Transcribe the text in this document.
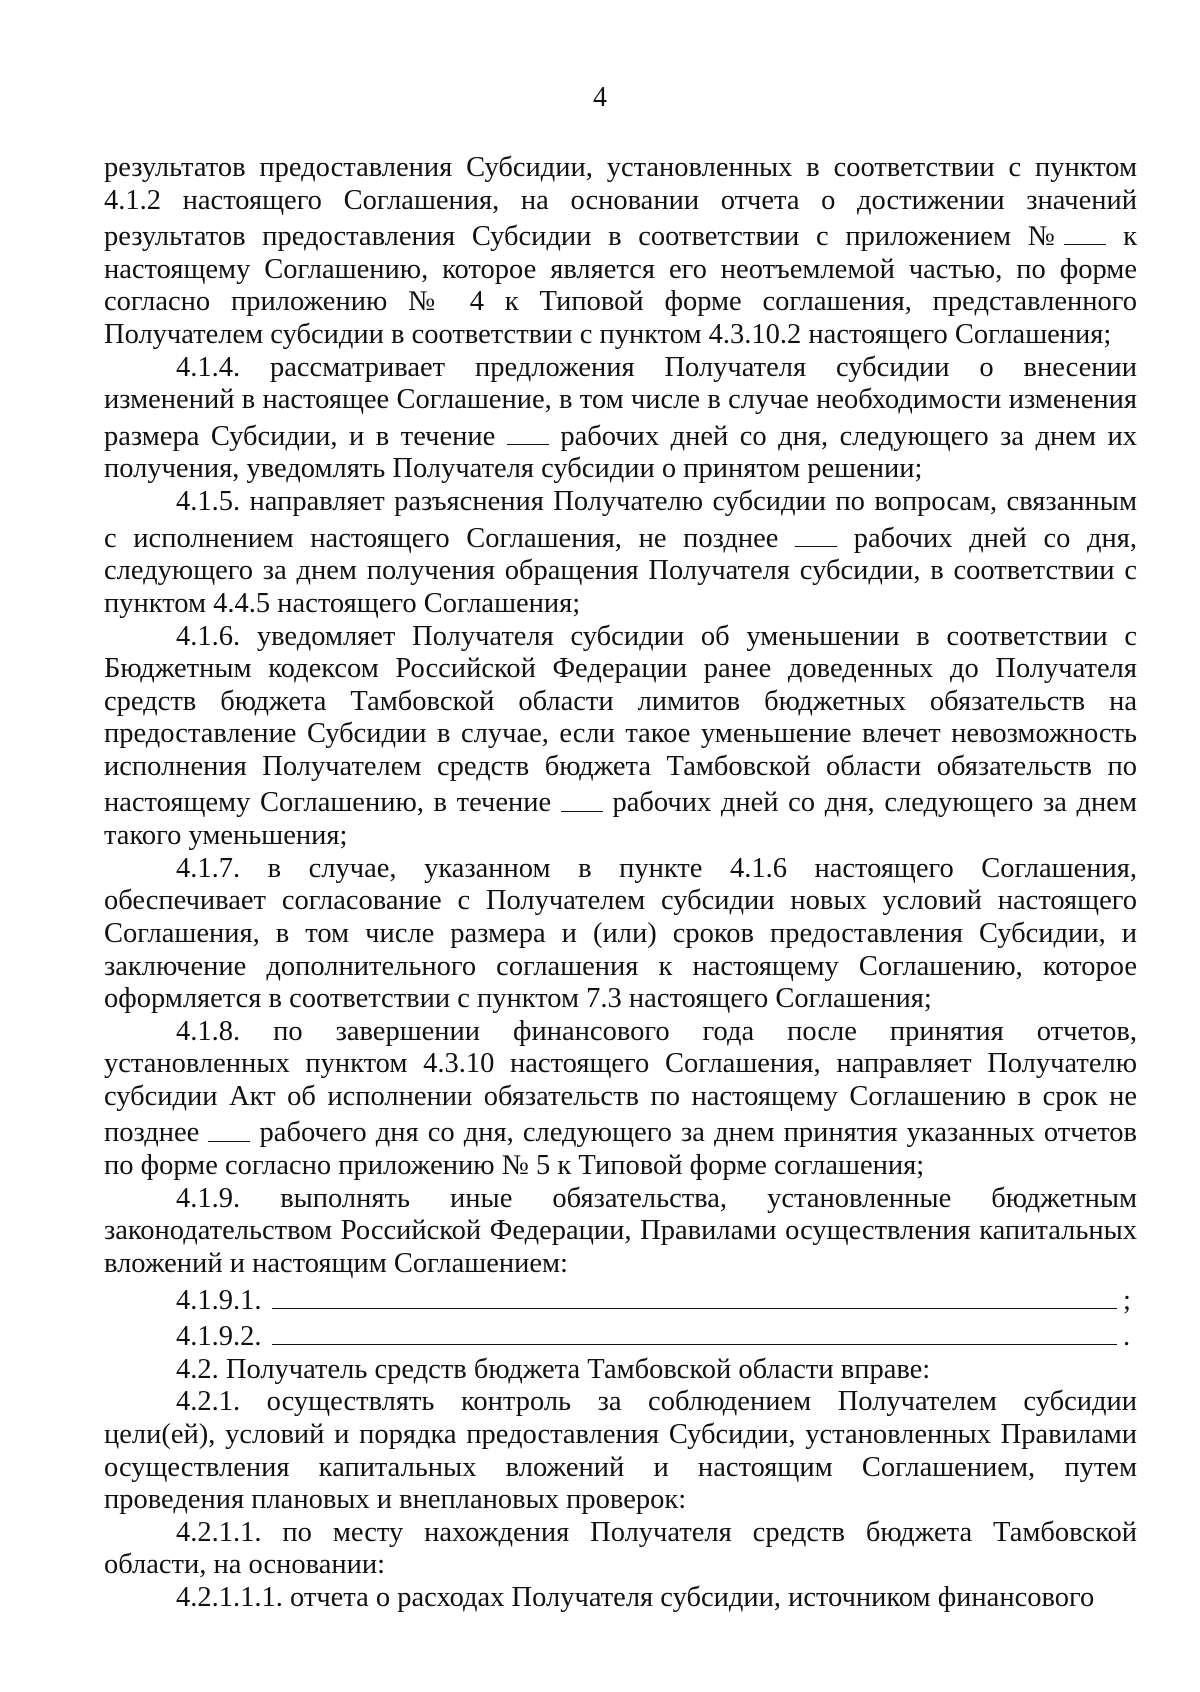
4

результатов предоставления Субсидии, установленных в соответствии с пунктом 4.1.2 настоящего Соглашения, на основании отчета о достижении значений результатов предоставления Субсидии в соответствии с приложением № к настоящему Соглашению, которое является его неотъемлемой частью, по форме согласно приложению № 4 к Типовой форме соглашения, представленного Получателем субсидии в соответствии с пунктом 4.3.10.2 настоящего Соглашения;

4.1.4. рассматривает предложения Получателя субсидии о внесении изменений в настоящее Соглашение, в том числе в случае необходимости изменения размера Субсидии, и в течение  рабочих дней со дня, следующего за днем их получения, уведомлять Получателя субсидии о принятом решении;

4.1.5. направляет разъяснения Получателю субсидии по вопросам, связанным с исполнением настоящего Соглашения, не позднее  рабочих дней со дня, следующего за днем получения обращения Получателя субсидии, в соответствии с пунктом 4.4.5 настоящего Соглашения;

4.1.6. уведомляет Получателя субсидии об уменьшении в соответствии с Бюджетным кодексом Российской Федерации ранее доведенных до Получателя средств бюджета Тамбовской области лимитов бюджетных обязательств на предоставление Субсидии в случае, если такое уменьшение влечет невозможность исполнения Получателем средств бюджета Тамбовской области обязательств по настоящему Соглашению, в течение  рабочих дней со дня, следующего за днем такого уменьшения;

4.1.7. в случае, указанном в пункте 4.1.6 настоящего Соглашения, обеспечивает согласование с Получателем субсидии новых условий настоящего Соглашения, в том числе размера и (или) сроков предоставления Субсидии, и заключение дополнительного соглашения к настоящему Соглашению, которое оформляется в соответствии с пунктом 7.3 настоящего Соглашения;

4.1.8. по завершении финансового года после принятия отчетов, установленных пунктом 4.3.10 настоящего Соглашения, направляет Получателю субсидии Акт об исполнении обязательств по настоящему Соглашению в срок не позднее  рабочего дня со дня, следующего за днем принятия указанных отчетов по форме согласно приложению № 5 к Типовой форме соглашения;

4.1.9. выполнять иные обязательства, установленные бюджетным законодательством Российской Федерации, Правилами осуществления капитальных вложений и настоящим Соглашением:

4.1.9.1.	;
4.1.9.2.	.

4.2. Получатель средств бюджета Тамбовской области вправе:

4.2.1. осуществлять контроль за соблюдением Получателем субсидии цели(ей), условий и порядка предоставления Субсидии, установленных Правилами осуществления капитальных вложений и настоящим Соглашением, путем проведения плановых и внеплановых проверок:

4.2.1.1. по месту нахождения Получателя средств бюджета Тамбовской области, на основании:

4.2.1.1.1. отчета о расходах Получателя субсидии, источником финансового
